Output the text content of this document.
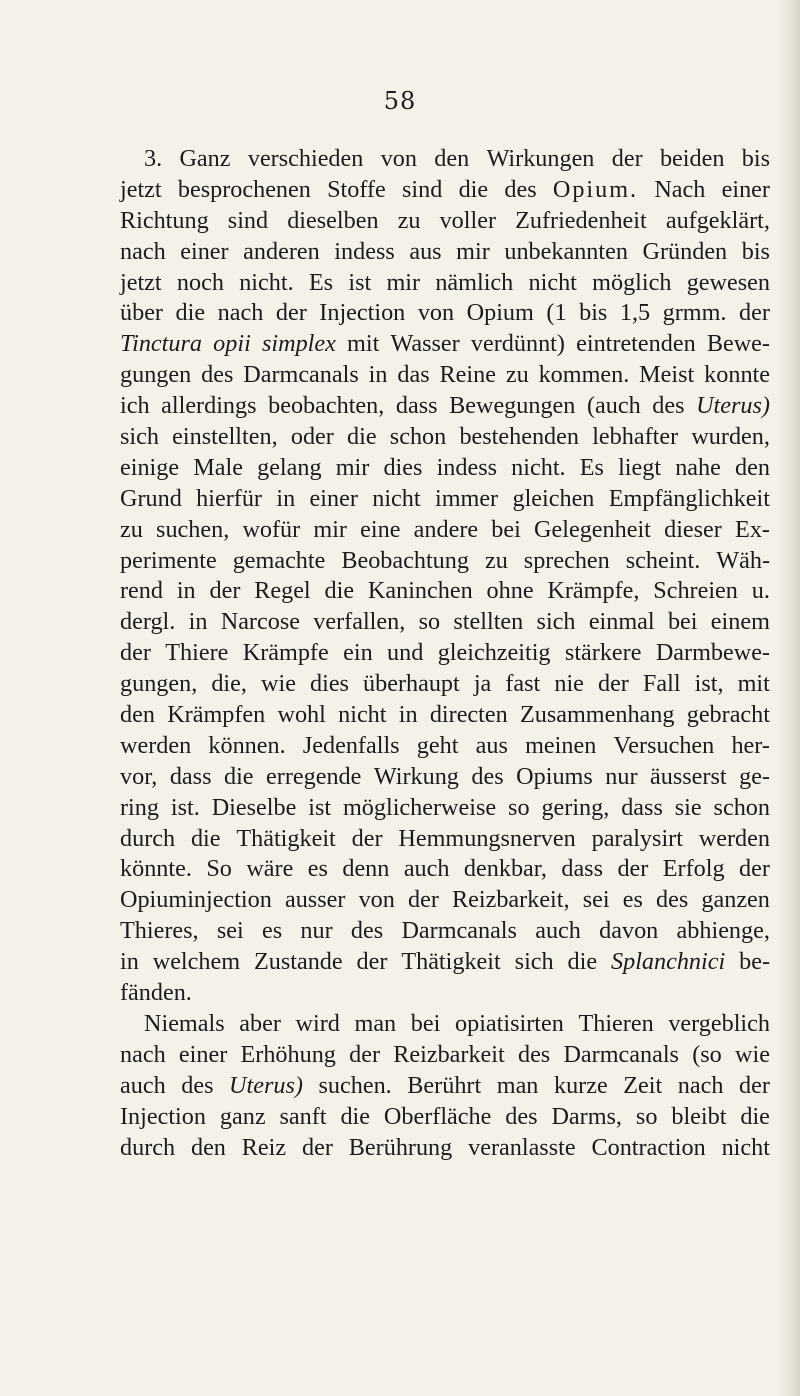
58
3. Ganz verschieden von den Wirkungen der beiden bis
jetzt besprochenen Stoffe sind die des Opium. Nach einer
Richtung sind dieselben zu voller Zufriedenheit aufgeklärt,
nach einer anderen indess aus mir unbekannten Gründen bis
jetzt noch nicht. Es ist mir nämlich nicht möglich gewesen
über die nach der Injection von Opium (1 bis 1,5 grmm. der
Tinctura opii simplex mit Wasser verdünnt) eintretenden Bewe-
gungen des Darmcanals in das Reine zu kommen. Meist konnte
ich allerdings beobachten, dass Bewegungen (auch des Uterus)
sich einstellten, oder die schon bestehenden lebhafter wurden,
einige Male gelang mir dies indess nicht. Es liegt nahe den
Grund hierfür in einer nicht immer gleichen Empfänglichkeit
zu suchen, wofür mir eine andere bei Gelegenheit dieser Ex-
perimente gemachte Beobachtung zu sprechen scheint. Wäh-
rend in der Regel die Kaninchen ohne Krämpfe, Schreien u.
dergl. in Narcose verfallen, so stellten sich einmal bei einem
der Thiere Krämpfe ein und gleichzeitig stärkere Darmbewe-
gungen, die, wie dies überhaupt ja fast nie der Fall ist, mit
den Krämpfen wohl nicht in directen Zusammenhang gebracht
werden können. Jedenfalls geht aus meinen Versuchen her-
vor, dass die erregende Wirkung des Opiums nur äusserst ge-
ring ist. Dieselbe ist möglicherweise so gering, dass sie schon
durch die Thätigkeit der Hemmungsnerven paralysirt werden
könnte. So wäre es denn auch denkbar, dass der Erfolg der
Opiuminjection ausser von der Reizbarkeit, sei es des ganzen
Thieres, sei es nur des Darmcanals auch davon abhienge,
in welchem Zustande der Thätigkeit sich die Splanchnici be-
fänden.
Niemals aber wird man bei opiatisirten Thieren vergeblich
nach einer Erhöhung der Reizbarkeit des Darmcanals (so wie
auch des Uterus) suchen. Berührt man kurze Zeit nach der
Injection ganz sanft die Oberfläche des Darms, so bleibt die
durch den Reiz der Berührung veranlasste Contraction nicht
